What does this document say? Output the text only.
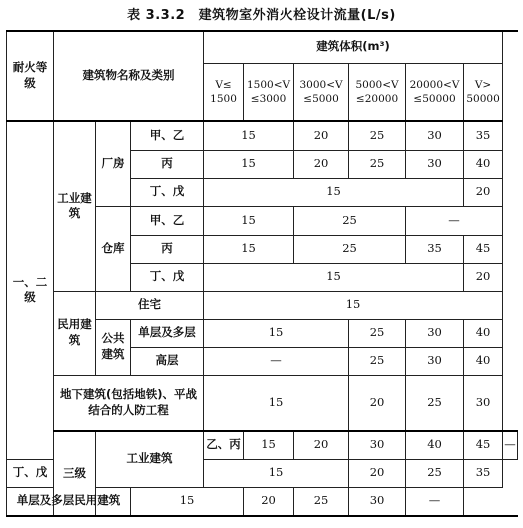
表 3.3.2　建筑物室外消火栓设计流量(L/s)
耐火等级	建筑物名称及类别			建筑体积(m³)						
				V≤ 1500	1500<V ≤3000	3000<V ≤5000	5000<V ≤20000	20000<V ≤50000	V> 50000	
一、二级	工业建筑	厂房	甲、乙	15		20	25	30	35	
			丙	15		20	25	30	40	
			丁、戊	15					20	
		仓库	甲、乙	15		25		—		
			丙	15		25		35	45	
			丁、戊	15					20	
	民用建筑	住宅		15						
		公共建筑	单层及多层	15			25	30	40	
			高层	—			25	30	40	
	地下建筑(包括地铁)、平战结合的人防工程			15			20	25	30	
	三级	工业建筑		乙、丙	15	20	30	40	45	—
丁、戊				15			20	25	35	
单层及多层民用建筑			15		20	25	30	—		
